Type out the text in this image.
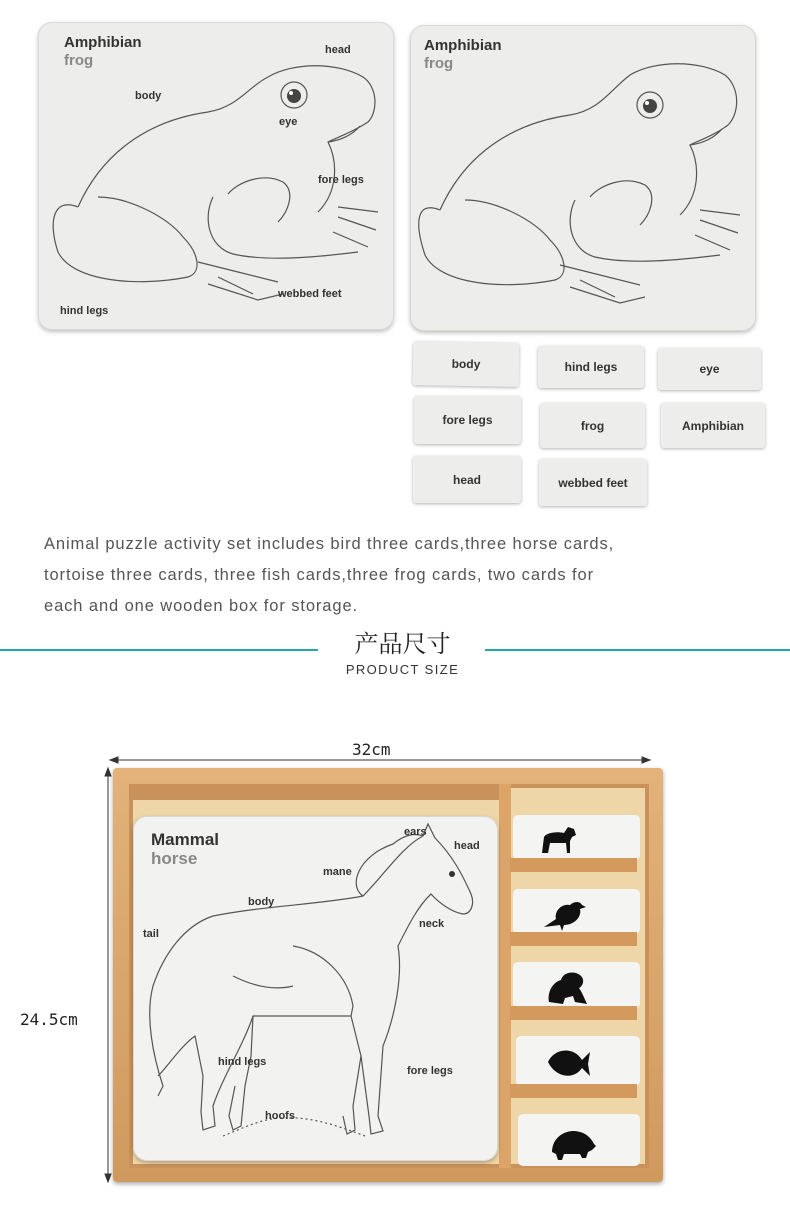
Amphibian
frog
head
body
eye
fore legs
webbed feet
hind legs
Amphibian
frog
body	hind legs	eye
fore legs	frog	Amphibian
head	webbed feet
Animal puzzle activity set includes bird three cards,three horse cards,
tortoise three cards, three fish cards,three frog cards, two cards for
each and one wooden box for storage.
产品尺寸
PRODUCT SIZE
32cm
24.5cm
Mammal
horse
ears
head
mane
body
neck
tail
hind legs
fore legs
hoofs
